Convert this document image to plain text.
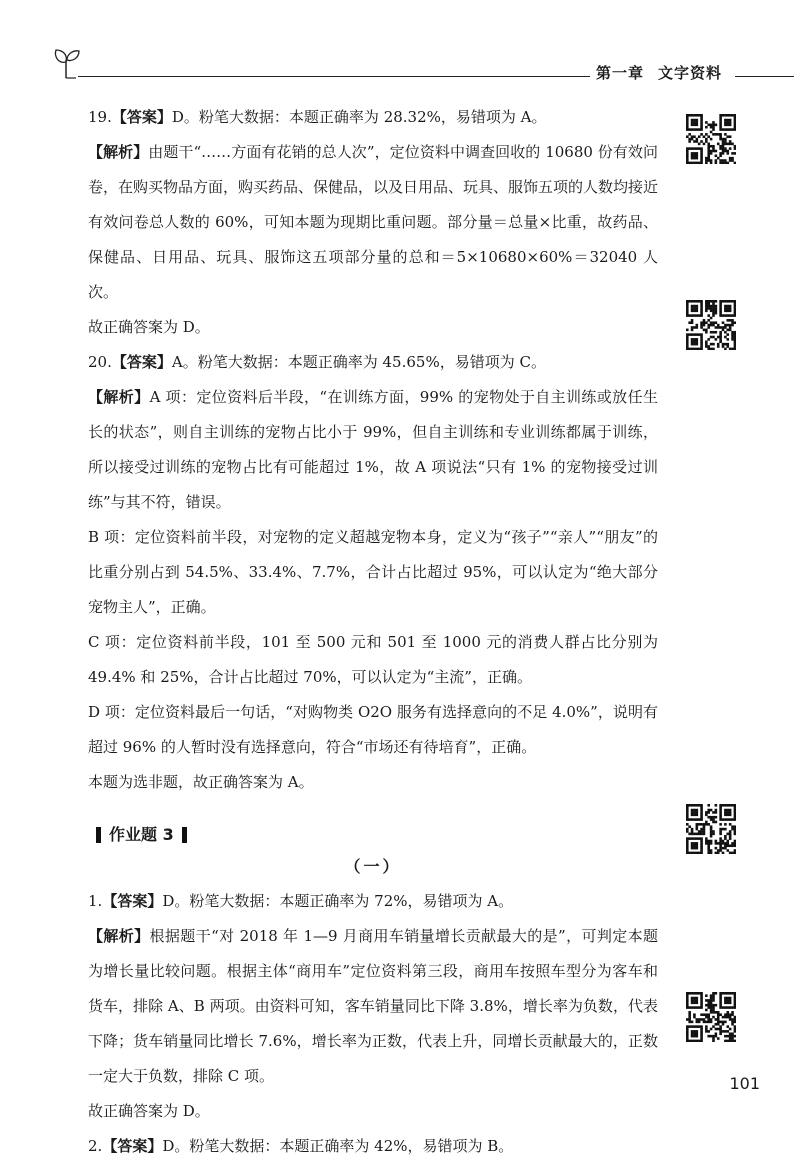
第一章 文字资料

19.【答案】D。粉笔大数据：本题正确率为 28.32%，易错项为 A。

【解析】由题干“……方面有花销的总人次”，定位资料中调查回收的 10680 份有效问卷，在购买物品方面，购买药品、保健品，以及日用品、玩具、服饰五项的人数均接近有效问卷总人数的 60%，可知本题为现期比重问题。部分量＝总量×比重，故药品、保健品、日用品、玩具、服饰这五项部分量的总和＝5×10680×60%＝32040 人次。

故正确答案为 D。

20.【答案】A。粉笔大数据：本题正确率为 45.65%，易错项为 C。

【解析】A 项：定位资料后半段，“在训练方面，99% 的宠物处于自主训练或放任生长的状态”，则自主训练的宠物占比小于 99%，但自主训练和专业训练都属于训练，所以接受过训练的宠物占比有可能超过 1%，故 A 项说法“只有 1% 的宠物接受过训练”与其不符，错误。

B 项：定位资料前半段，对宠物的定义超越宠物本身，定义为“孩子”“亲人”“朋友”的比重分别占到 54.5%、33.4%、7.7%，合计占比超过 95%，可以认定为“绝大部分宠物主人”，正确。

C 项：定位资料前半段，101 至 500 元和 501 至 1000 元的消费人群占比分别为 49.4% 和 25%，合计占比超过 70%，可以认定为“主流”，正确。

D 项：定位资料最后一句话，“对购物类 O2O 服务有选择意向的不足 4.0%”，说明有超过 96% 的人暂时没有选择意向，符合“市场还有待培育”，正确。

本题为选非题，故正确答案为 A。

作业题 3
（一）

1.【答案】D。粉笔大数据：本题正确率为 72%，易错项为 A。

【解析】根据题干“对 2018 年 1—9 月商用车销量增长贡献最大的是”，可判定本题为增长量比较问题。根据主体“商用车”定位资料第三段，商用车按照车型分为客车和货车，排除 A、B 两项。由资料可知，客车销量同比下降 3.8%，增长率为负数，代表下降；货车销量同比增长 7.6%，增长率为正数，代表上升，同增长贡献最大的，正数一定大于负数，排除 C 项。

故正确答案为 D。

2.【答案】D。粉笔大数据：本题正确率为 42%，易错项为 B。

101
